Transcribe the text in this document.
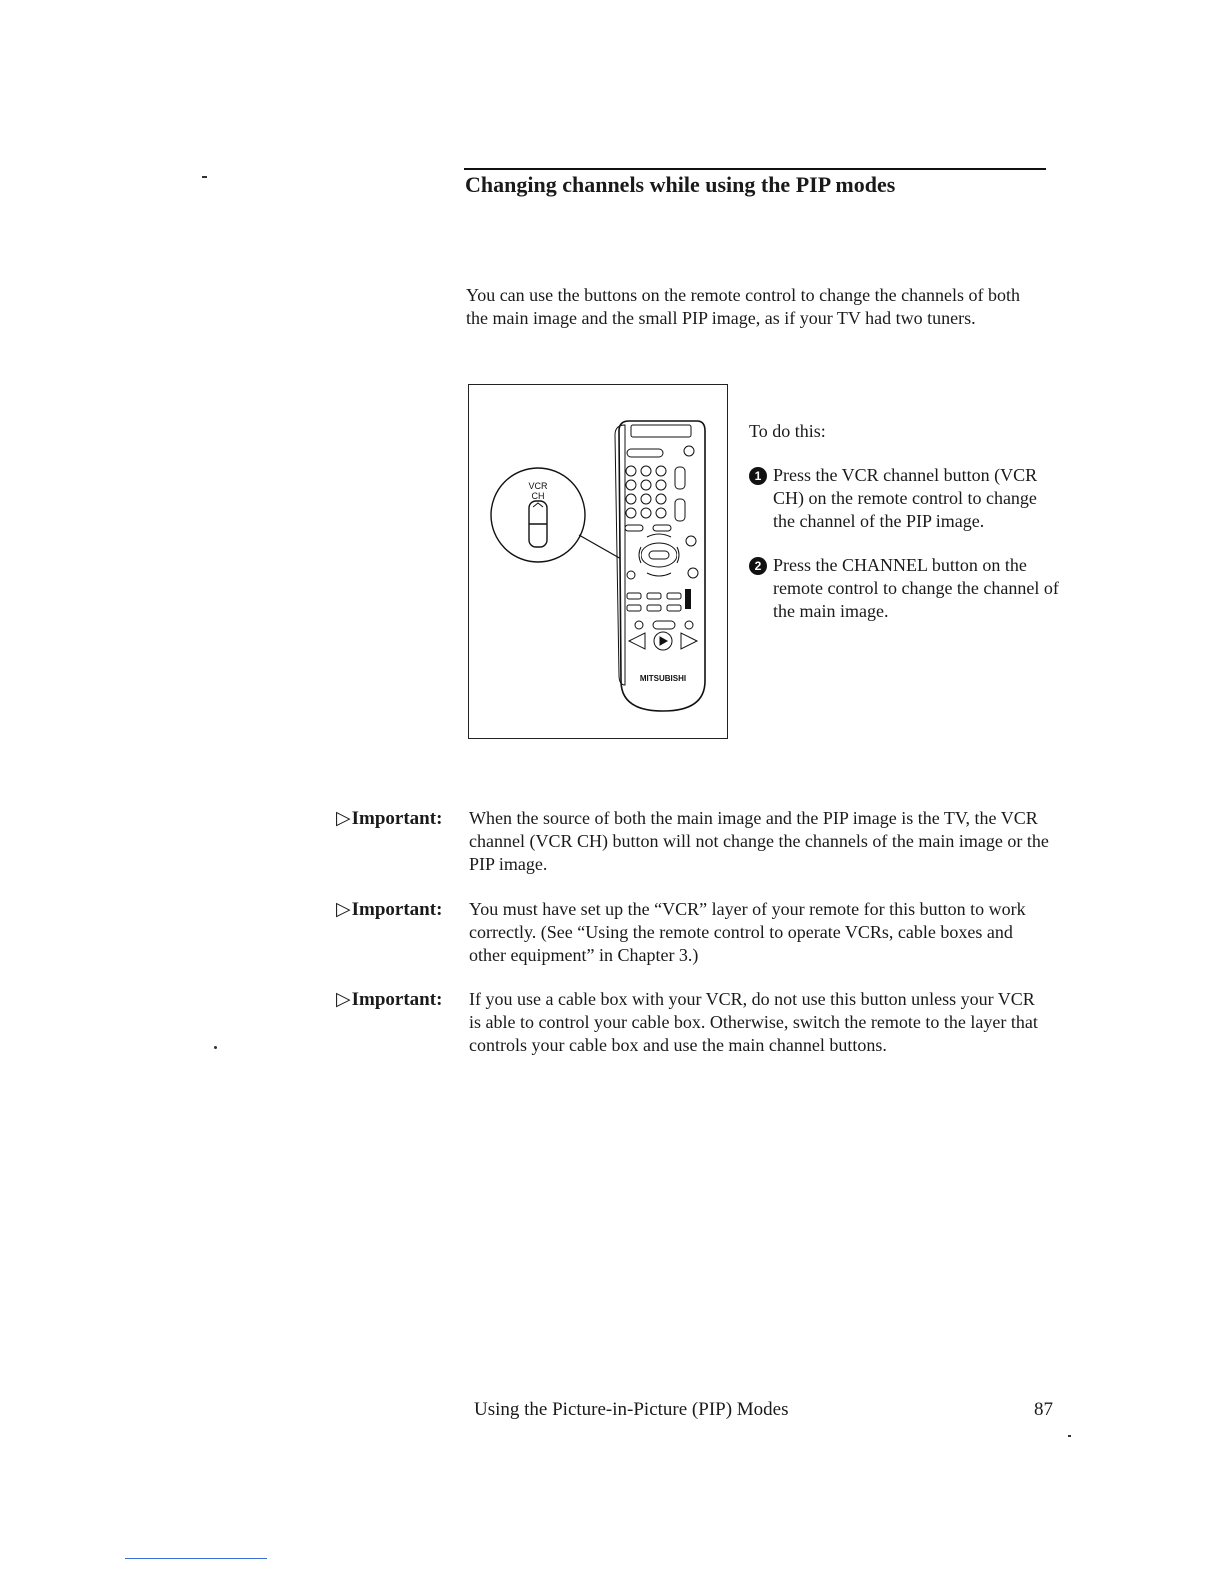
Changing channels while using the PIP modes
You can use the buttons on the remote control to change the channels of both the main image and the small PIP image, as if your TV had two tuners.
VCR
CH
MITSUBISHI
To do this:
1 Press the VCR channel button (VCR CH) on the remote control to change the channel of the PIP image.
2 Press the CHANNEL button on the remote control to change the channel of the main image.
▷Important: When the source of both the main image and the PIP image is the TV, the VCR channel (VCR CH) button will not change the channels of the main image or the PIP image.
▷Important: You must have set up the “VCR” layer of your remote for this button to work correctly. (See “Using the remote control to operate VCRs, cable boxes and other equipment” in Chapter 3.)
▷Important: If you use a cable box with your VCR, do not use this button unless your VCR is able to control your cable box. Otherwise, switch the remote to the layer that controls your cable box and use the main channel buttons.
Using the Picture-in-Picture (PIP) Modes	87
